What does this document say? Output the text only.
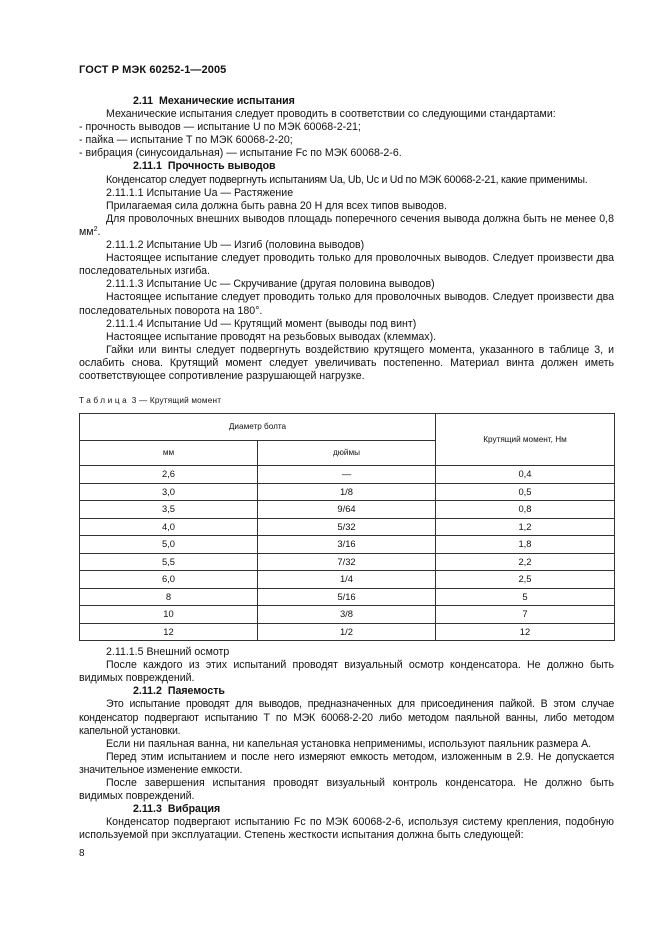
ГОСТ Р МЭК 60252-1—2005

2.11 Механические испытания

Механические испытания следует проводить в соответствии со следующими стандартами:

- прочность выводов — испытание U по МЭК 60068-2-21;

- пайка — испытание Т по МЭК 60068-2-20;

- вибрация (синусоидальная) — испытание Fc по МЭК 60068-2-6.

2.11.1 Прочность выводов

Конденсатор следует подвергнуть испытаниям Ua, Ub, Uc и Ud по МЭК 60068-2-21, какие применимы.

2.11.1.1 Испытание Ua — Растяжение

Прилагаемая сила должна быть равна 20 Н для всех типов выводов.

Для проволочных внешних выводов площадь поперечного сечения вывода должна быть не менее 0,8 $мм^2$.

2.11.1.2 Испытание Ub — Изгиб (половина выводов)

Настоящее испытание следует проводить только для проволочных выводов. Следует произвести два последовательных изгиба.

2.11.1.3 Испытание Uc — Скручивание (другая половина выводов)

Настоящее испытание следует проводить только для проволочных выводов. Следует произвести два последовательных поворота на 180°.

2.11.1.4 Испытание Ud — Крутящий момент (выводы под винт)

Настоящее испытание проводят на резьбовых выводах (клеммах).

Гайки или винты следует подвергнуть воздействию крутящего момента, указанного в таблице 3, и ослабить снова. Крутящий момент следует увеличивать постепенно. Материал винта должен иметь соответствующее сопротивление разрушающей нагрузке.

Таблица 3 — Крутящий момент

Диаметр болта		Крутящий момент, Нм
мм	дюймы	
2,6	—	0,4
3,0	1/8	0,5
3,5	9/64	0,8
4,0	5/32	1,2
5,0	3/16	1,8
5,5	7/32	2,2
6,0	1/4	2,5
8	5/16	5
10	3/8	7
12	1/2	12

2.11.1.5 Внешний осмотр

После каждого из этих испытаний проводят визуальный осмотр конденсатора. Не должно быть видимых повреждений.

2.11.2 Паяемость

Это испытание проводят для выводов, предназначенных для присоединения пайкой. В этом случае конденсатор подвергают испытанию Т по МЭК 60068-2-20 либо методом паяльной ванны, либо методом капельной установки.

Если ни паяльная ванна, ни капельная установка неприменимы, используют паяльник размера А.

Перед этим испытанием и после него измеряют емкость методом, изложенным в 2.9. Не допускается значительное изменение емкости.

После завершения испытания проводят визуальный контроль конденсатора. Не должно быть видимых повреждений.

2.11.3 Вибрация

Конденсатор подвергают испытанию Fc по МЭК 60068-2-6, используя систему крепления, подобную используемой при эксплуатации. Степень жесткости испытания должна быть следующей:

8
